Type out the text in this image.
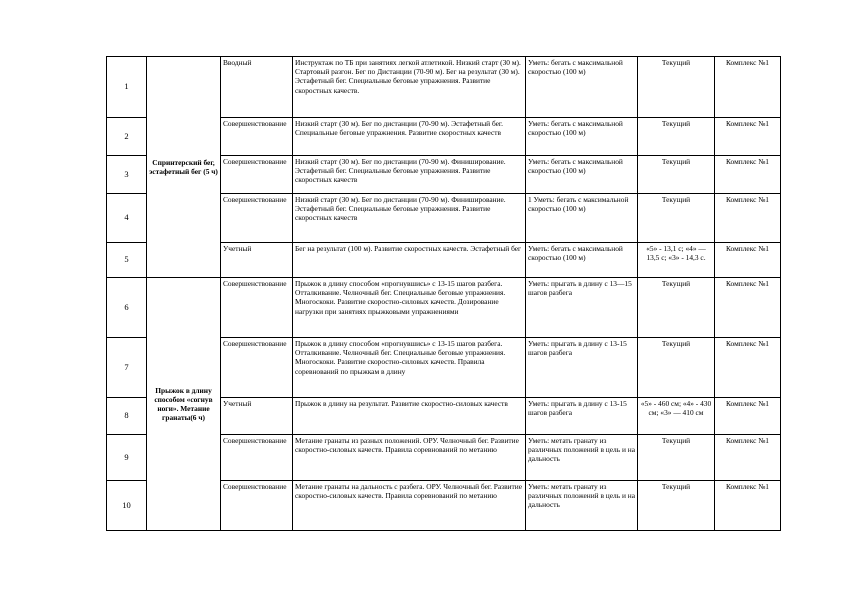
1	Спринтерский бег, эстафетный бег (5 ч)	Вводный	Инструктаж по ТБ при занятиях легкой атлетикой. Низкий старт (30 м). Стартовый разгон. Бег по Дистанции (70-90 м). Бег на результат (30 м). Эстафетный бег. Специальные беговые упражнения. Развитие скоростных качеств.	Уметь: бегать с максимальной скоростью (100 м)	Текущий	Комплекс №1
2		Совершенствование	Низкий старт (30 м). Бег по дистанции (70-90 м). Эстафетный бег. Специальные беговые упражнения. Развитие скоростных качеств	Уметь: бегать с максимальной скоростью (100 м)	Текущий	Комплекс №1
3		Совершенствование	Низкий старт (30 м). Бег по дистанции (70-90 м). Финиширование. Эстафетный бег. Специальные беговые упражнения. Развитие скоростных качеств	Уметь: бегать с максимальной скоростью (100 м)	Текущий	Комплекс №1
4		Совершенствование	Низкий старт (30 м). Бег по дистанции (70-90 м). Финиширование. Эстафетный бег. Специальные беговые упражнения. Развитие скоростных качеств	1 Уметь: бегать с максимальной скоростью (100 м)	Текущий	Комплекс №1
5		Учетный	Бег на результат (100 м). Развитие скоростных качеств. Эстафетный бег	Уметь: бегать с максимальной скоростью (100 м)	«5» - 13,1 с; «4» — 13,5 с; «3» - 14,3 с.	Комплекс №1
6	Прыжок в длину способом «согнув ноги». Метание гранаты(6 ч)	Совершенствование	Прыжок в длину способом «прогнувшись» с 13-15 шагов разбега. Отталкивание. Челночный бег. Специальные беговые упражнения. Многоскоки. Развитие скоростно-силовых качеств. Дозирование нагрузки при занятиях прыжковыми упражнениями	Уметь: прыгать в длину с 13—15 шагов разбега	Текущий	Комплекс №1
7		Совершенствование	Прыжок в длину способом «прогнувшись» с 13-15 шагов разбега. Отталкивание. Челночный бег. Специальные беговые упражнения. Многоскоки. Развитие скоростно-силовых качеств. Правила соревнований по прыжкам в длину	Уметь: прыгать в длину с 13-15 шагов разбега	Текущий	Комплекс №1
8		Учетный	Прыжок в длину на результат. Развитие скоростно-силовых качеств	Уметь: прыгать в длину с 13-15 шагов разбега	«5» - 460 см; «4» - 430 см; «3» — 410 см	Комплекс №1
9		Совершенствование	Метание гранаты из разных положений. ОРУ. Челночный бег. Развитие скоростно-силовых качеств. Правила соревнований по метанию	Уметь: метать гранату из различных положений в цель и на дальность	Текущий	Комплекс №1
10		Совершенствование	Метание гранаты на дальность с разбега. ОРУ. Челночный бег. Развитие скоростно-силовых качеств. Правила соревнований по метанию	Уметь: метать гранату из различных положений в цель и на дальность	Текущий	Комплекс №1
